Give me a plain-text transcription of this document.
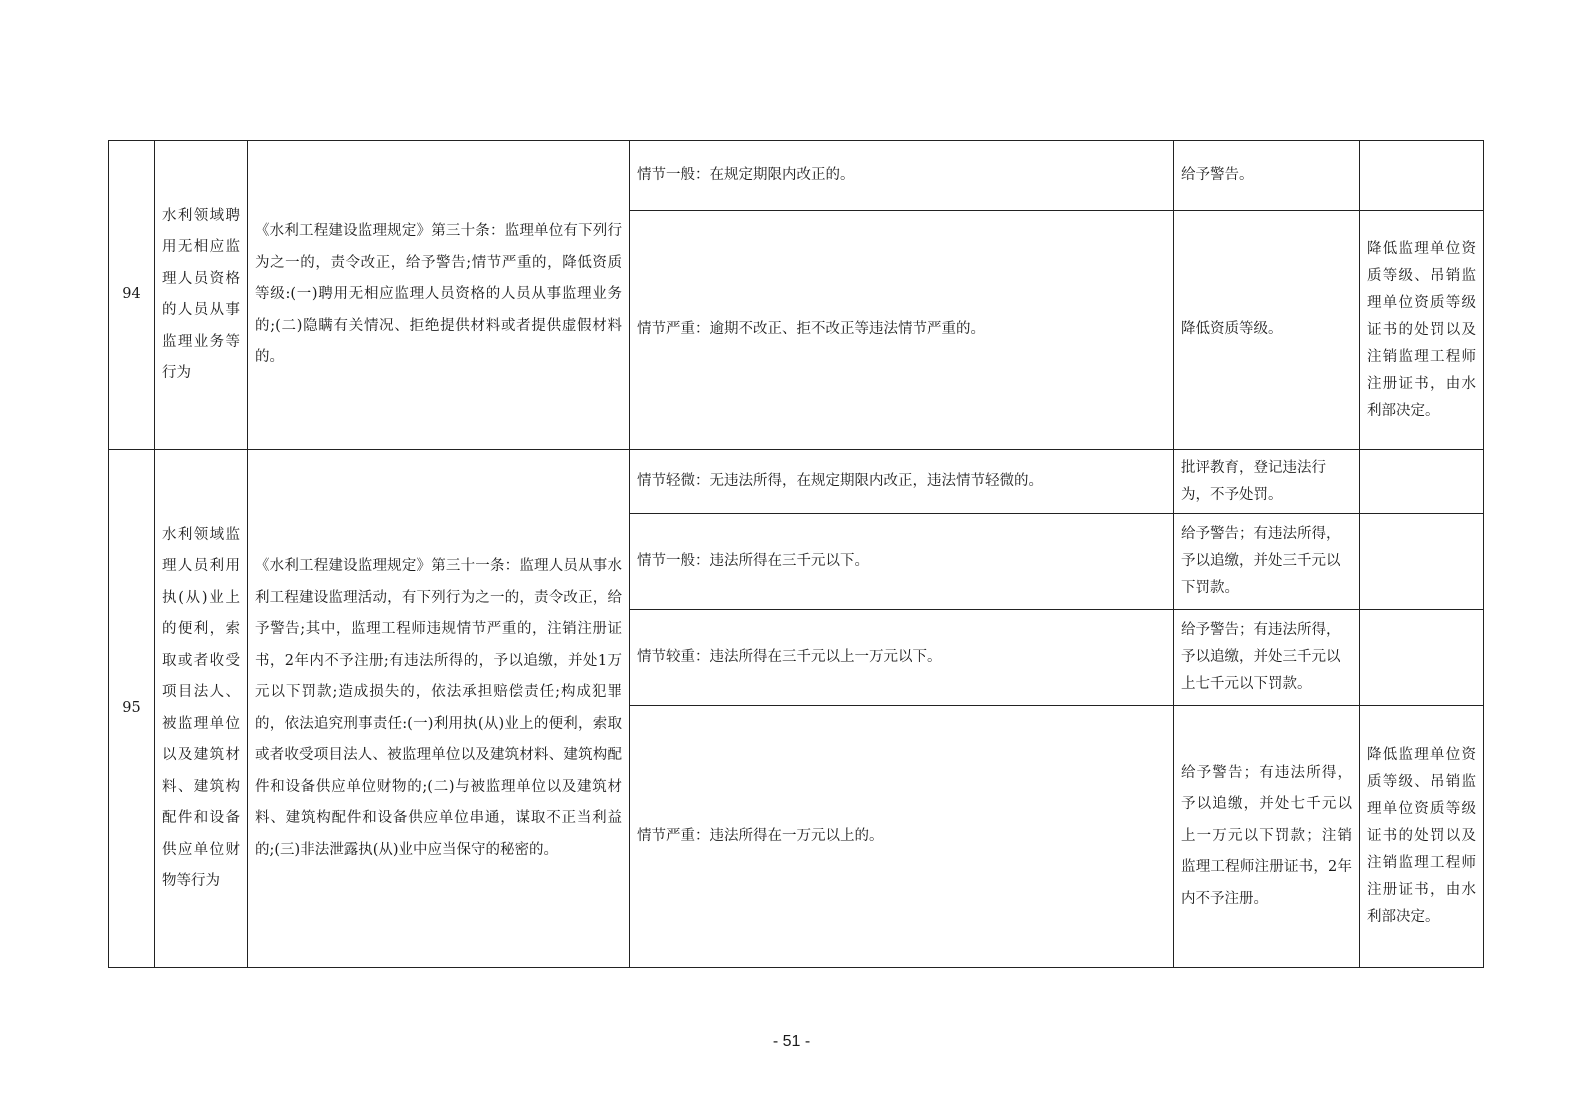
94	水利领域聘用无相应监理人员资格的人员从事监理业务等行为	《水利工程建设监理规定》第三十条：监理单位有下列行为之一的，责令改正，给予警告;情节严重的，降低资质等级:(一)聘用无相应监理人员资格的人员从事监理业务的;(二)隐瞒有关情况、拒绝提供材料或者提供虚假材料的。	情节一般：在规定期限内改正的。	给予警告。	
			情节严重：逾期不改正、拒不改正等违法情节严重的。	降低资质等级。	降低监理单位资质等级、吊销监理单位资质等级证书的处罚以及注销监理工程师注册证书，由水利部决定。
95	水利领域监理人员利用执(从)业上的便利，索取或者收受项目法人、被监理单位以及建筑材料、建筑构配件和设备供应单位财物等行为	《水利工程建设监理规定》第三十一条：监理人员从事水利工程建设监理活动，有下列行为之一的，责令改正，给予警告;其中，监理工程师违规情节严重的，注销注册证书，2年内不予注册;有违法所得的，予以追缴，并处1万元以下罚款;造成损失的，依法承担赔偿责任;构成犯罪的，依法追究刑事责任:(一)利用执(从)业上的便利，索取或者收受项目法人、被监理单位以及建筑材料、建筑构配件和设备供应单位财物的;(二)与被监理单位以及建筑材料、建筑构配件和设备供应单位串通，谋取不正当利益的;(三)非法泄露执(从)业中应当保守的秘密的。	情节轻微：无违法所得，在规定期限内改正，违法情节轻微的。	批评教育，登记违法行为，不予处罚。	
			情节一般：违法所得在三千元以下。	给予警告；有违法所得，予以追缴，并处三千元以下罚款。	
			情节较重：违法所得在三千元以上一万元以下。	给予警告；有违法所得，予以追缴，并处三千元以上七千元以下罚款。	
			情节严重：违法所得在一万元以上的。	给予警告；有违法所得，予以追缴，并处七千元以上一万元以下罚款；注销监理工程师注册证书，2年内不予注册。	降低监理单位资质等级、吊销监理单位资质等级证书的处罚以及注销监理工程师注册证书，由水利部决定。
- 51 -
